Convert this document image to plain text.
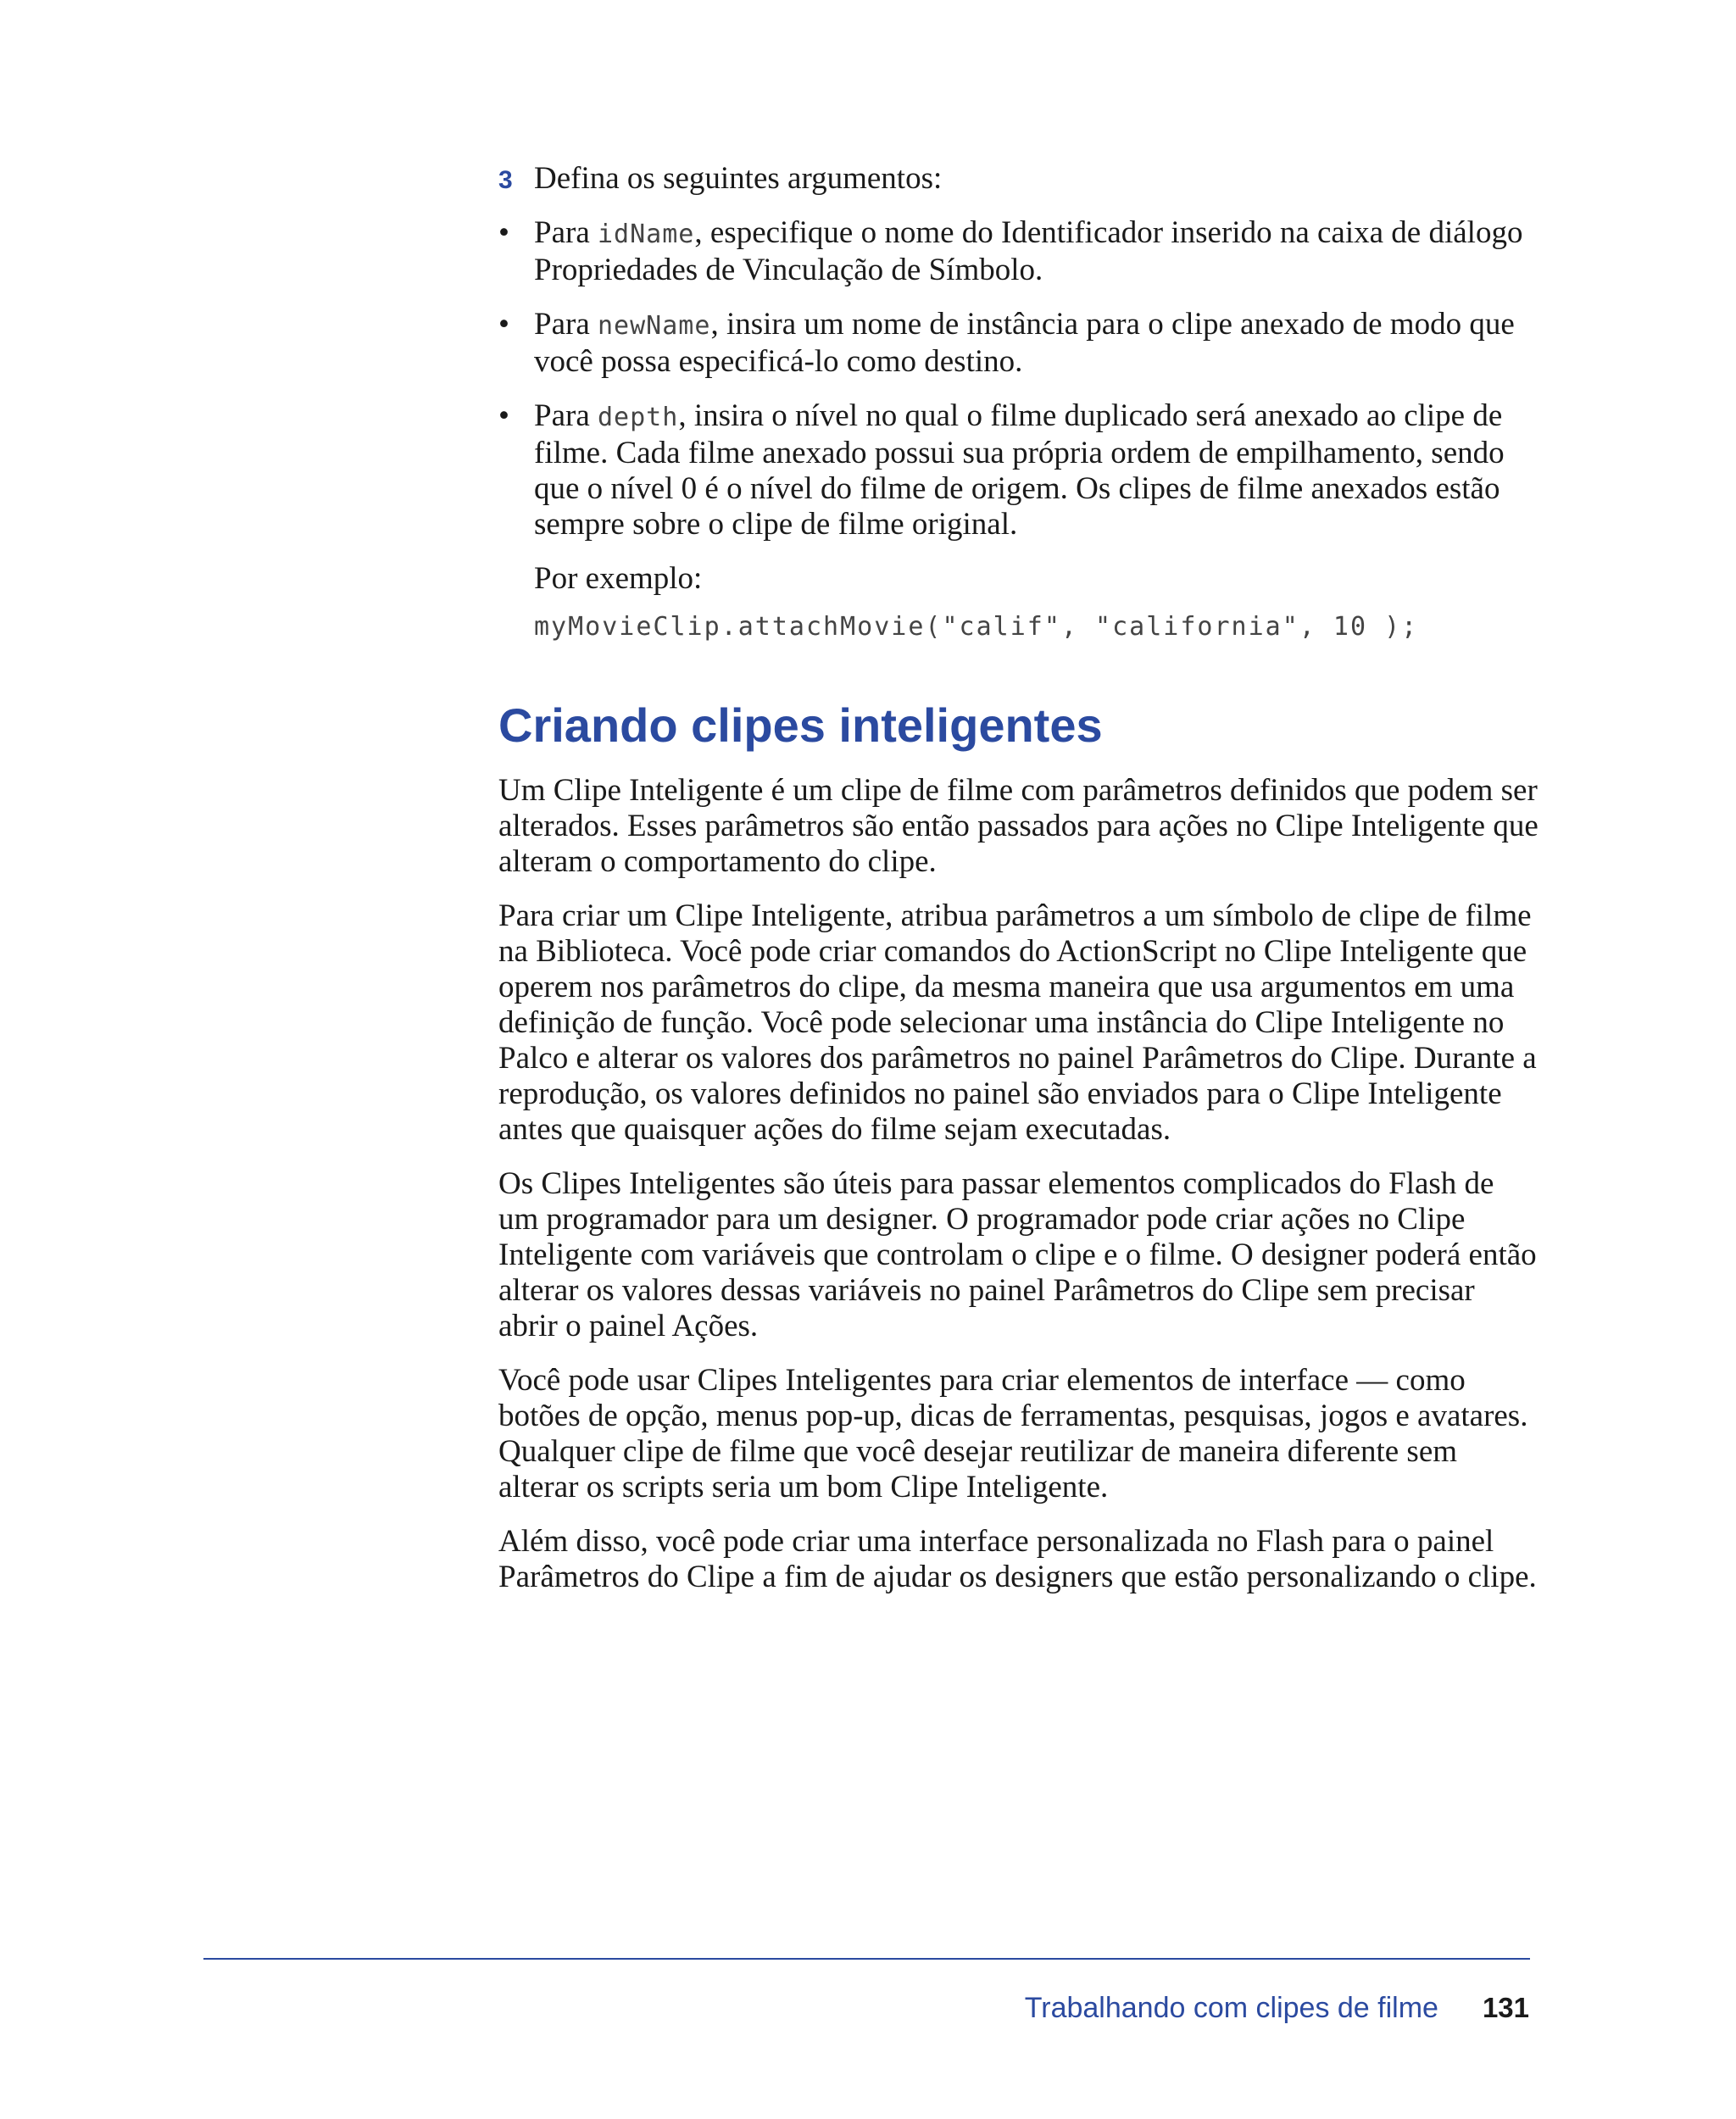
3 Defina os seguintes argumentos:
• Para idName, especifique o nome do Identificador inserido na caixa de diálogo Propriedades de Vinculação de Símbolo.
• Para newName, insira um nome de instância para o clipe anexado de modo que você possa especificá-lo como destino.
• Para depth, insira o nível no qual o filme duplicado será anexado ao clipe de filme. Cada filme anexado possui sua própria ordem de empilhamento, sendo que o nível 0 é o nível do filme de origem. Os clipes de filme anexados estão sempre sobre o clipe de filme original.

Por exemplo:

myMovieClip.attachMovie("calif", "california", 10 );
Criando clipes inteligentes

Um Clipe Inteligente é um clipe de filme com parâmetros definidos que podem ser alterados. Esses parâmetros são então passados para ações no Clipe Inteligente que alteram o comportamento do clipe.

Para criar um Clipe Inteligente, atribua parâmetros a um símbolo de clipe de filme na Biblioteca. Você pode criar comandos do ActionScript no Clipe Inteligente que operem nos parâmetros do clipe, da mesma maneira que usa argumentos em uma definição de função. Você pode selecionar uma instância do Clipe Inteligente no Palco e alterar os valores dos parâmetros no painel Parâmetros do Clipe. Durante a reprodução, os valores definidos no painel são enviados para o Clipe Inteligente antes que quaisquer ações do filme sejam executadas.

Os Clipes Inteligentes são úteis para passar elementos complicados do Flash de um programador para um designer. O programador pode criar ações no Clipe Inteligente com variáveis que controlam o clipe e o filme. O designer poderá então alterar os valores dessas variáveis no painel Parâmetros do Clipe sem precisar abrir o painel Ações.

Você pode usar Clipes Inteligentes para criar elementos de interface — como botões de opção, menus pop-up, dicas de ferramentas, pesquisas, jogos e avatares. Qualquer clipe de filme que você desejar reutilizar de maneira diferente sem alterar os scripts seria um bom Clipe Inteligente.

Além disso, você pode criar uma interface personalizada no Flash para o painel Parâmetros do Clipe a fim de ajudar os designers que estão personalizando o clipe.

Trabalhando com clipes de filme 131
